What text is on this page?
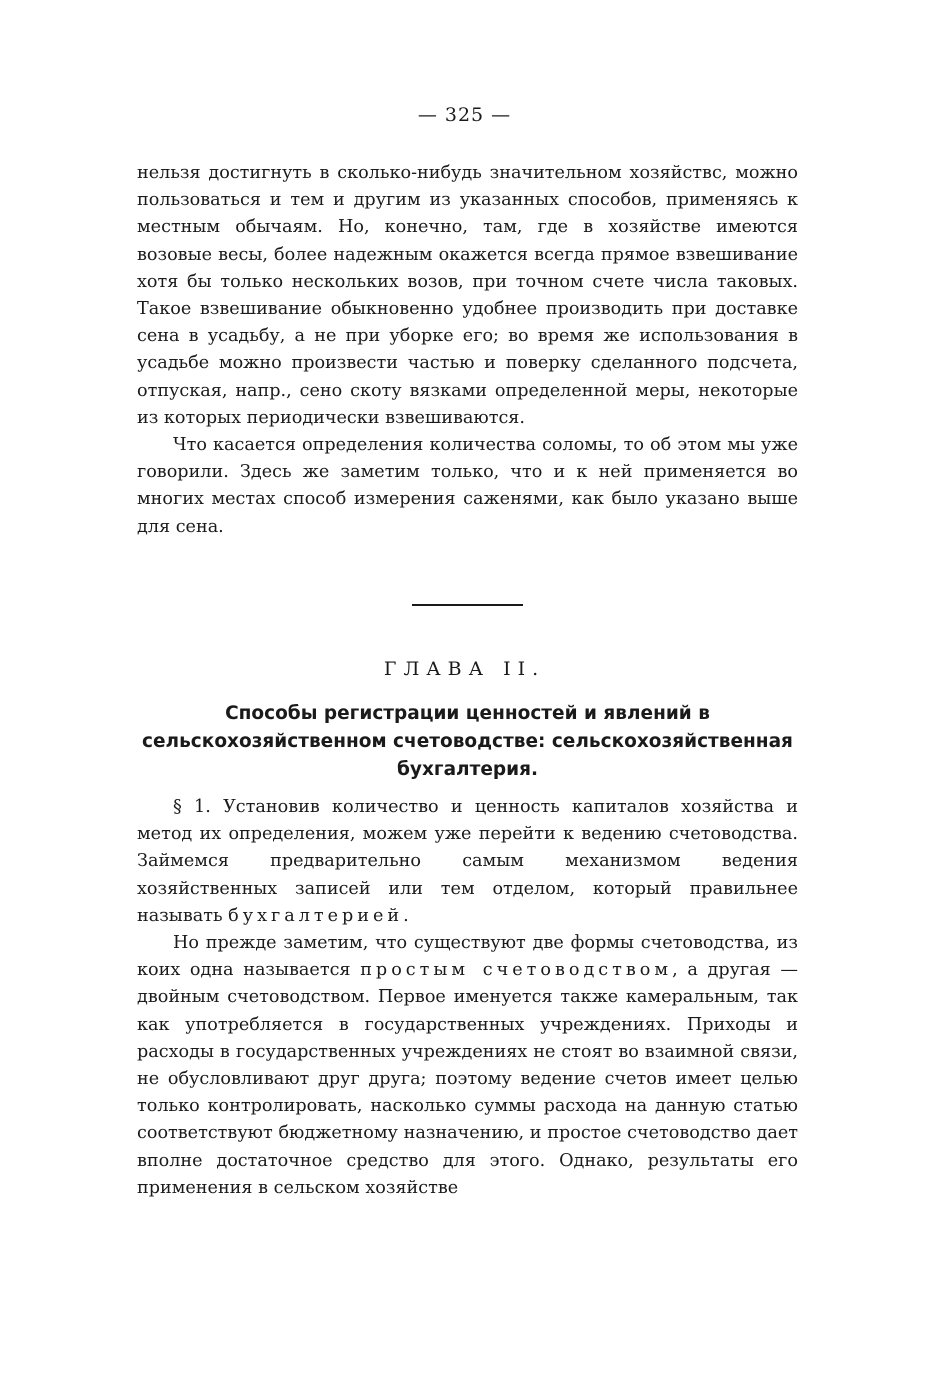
— 325 —

нельзя достигнуть в сколько-нибудь значительном хозяйствс, можно пользоваться и тем и другим из указанных способов, применяясь к местным обычаям. Но, конечно, там, где в хозяйстве имеются возовые весы, более надежным окажется всегда прямое взвешивание хотя бы только нескольких возов, при точном счете числа таковых. Такое взвешивание обыкновенно удобнее производить при доставке сена в усадьбу, а не при уборке его; во время же использования в усадьбе можно произвести частью и поверку сделанного подсчета, отпуская, напр., сено скоту вязками определенной меры, некоторые из которых периодически взвешиваются.

Что касается определения количества соломы, то об этом мы уже говорили. Здесь же заметим только, что и к ней применяется во многих местах способ измерения саженями, как было указано выше для сена.

ГЛАВА II.
Способы регистрации ценностей и явлений в сельскохозяйственном счетоводстве: сельскохозяйственная бухгалтерия.

§ 1. Установив количество и ценность капиталов хозяйства и метод их определения, можем уже перейти к ведению счетоводства. Займемся предварительно самым механизмом ведения хозяйственных записей или тем отделом, который правильнее называть бухгалтерией.

Но прежде заметим, что существуют две формы счетоводства, из коих одна называется простым счетоводством, а другая — двойным счетоводством. Первое именуется также камеральным, так как употребляется в государственных учреждениях. Приходы и расходы в государственных учреждениях не стоят во взаимной связи, не обусловливают друг друга; поэтому ведение счетов имеет целью только контролировать, насколько суммы расхода на данную статью соответствуют бюджетному назначению, и простое счетоводство дает вполне достаточное средство для этого. Однако, результаты его применения в сельском хозяйстве
